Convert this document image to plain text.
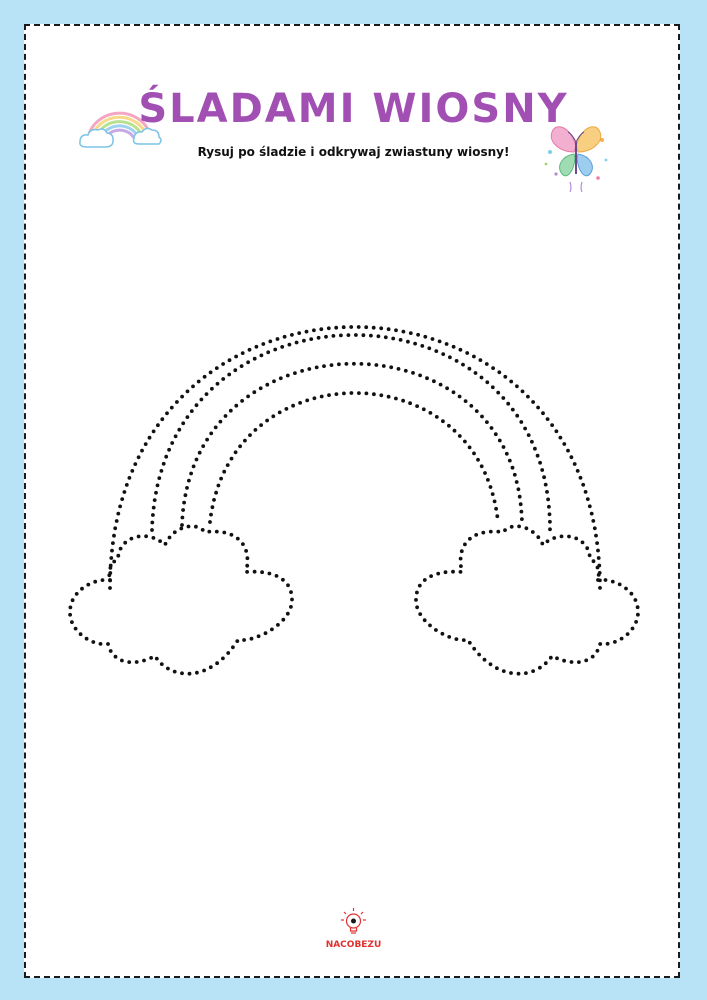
ŚLADAMI WIOSNY
Rysuj po śladzie i odkrywaj zwiastuny wiosny!
NACOBEZU
